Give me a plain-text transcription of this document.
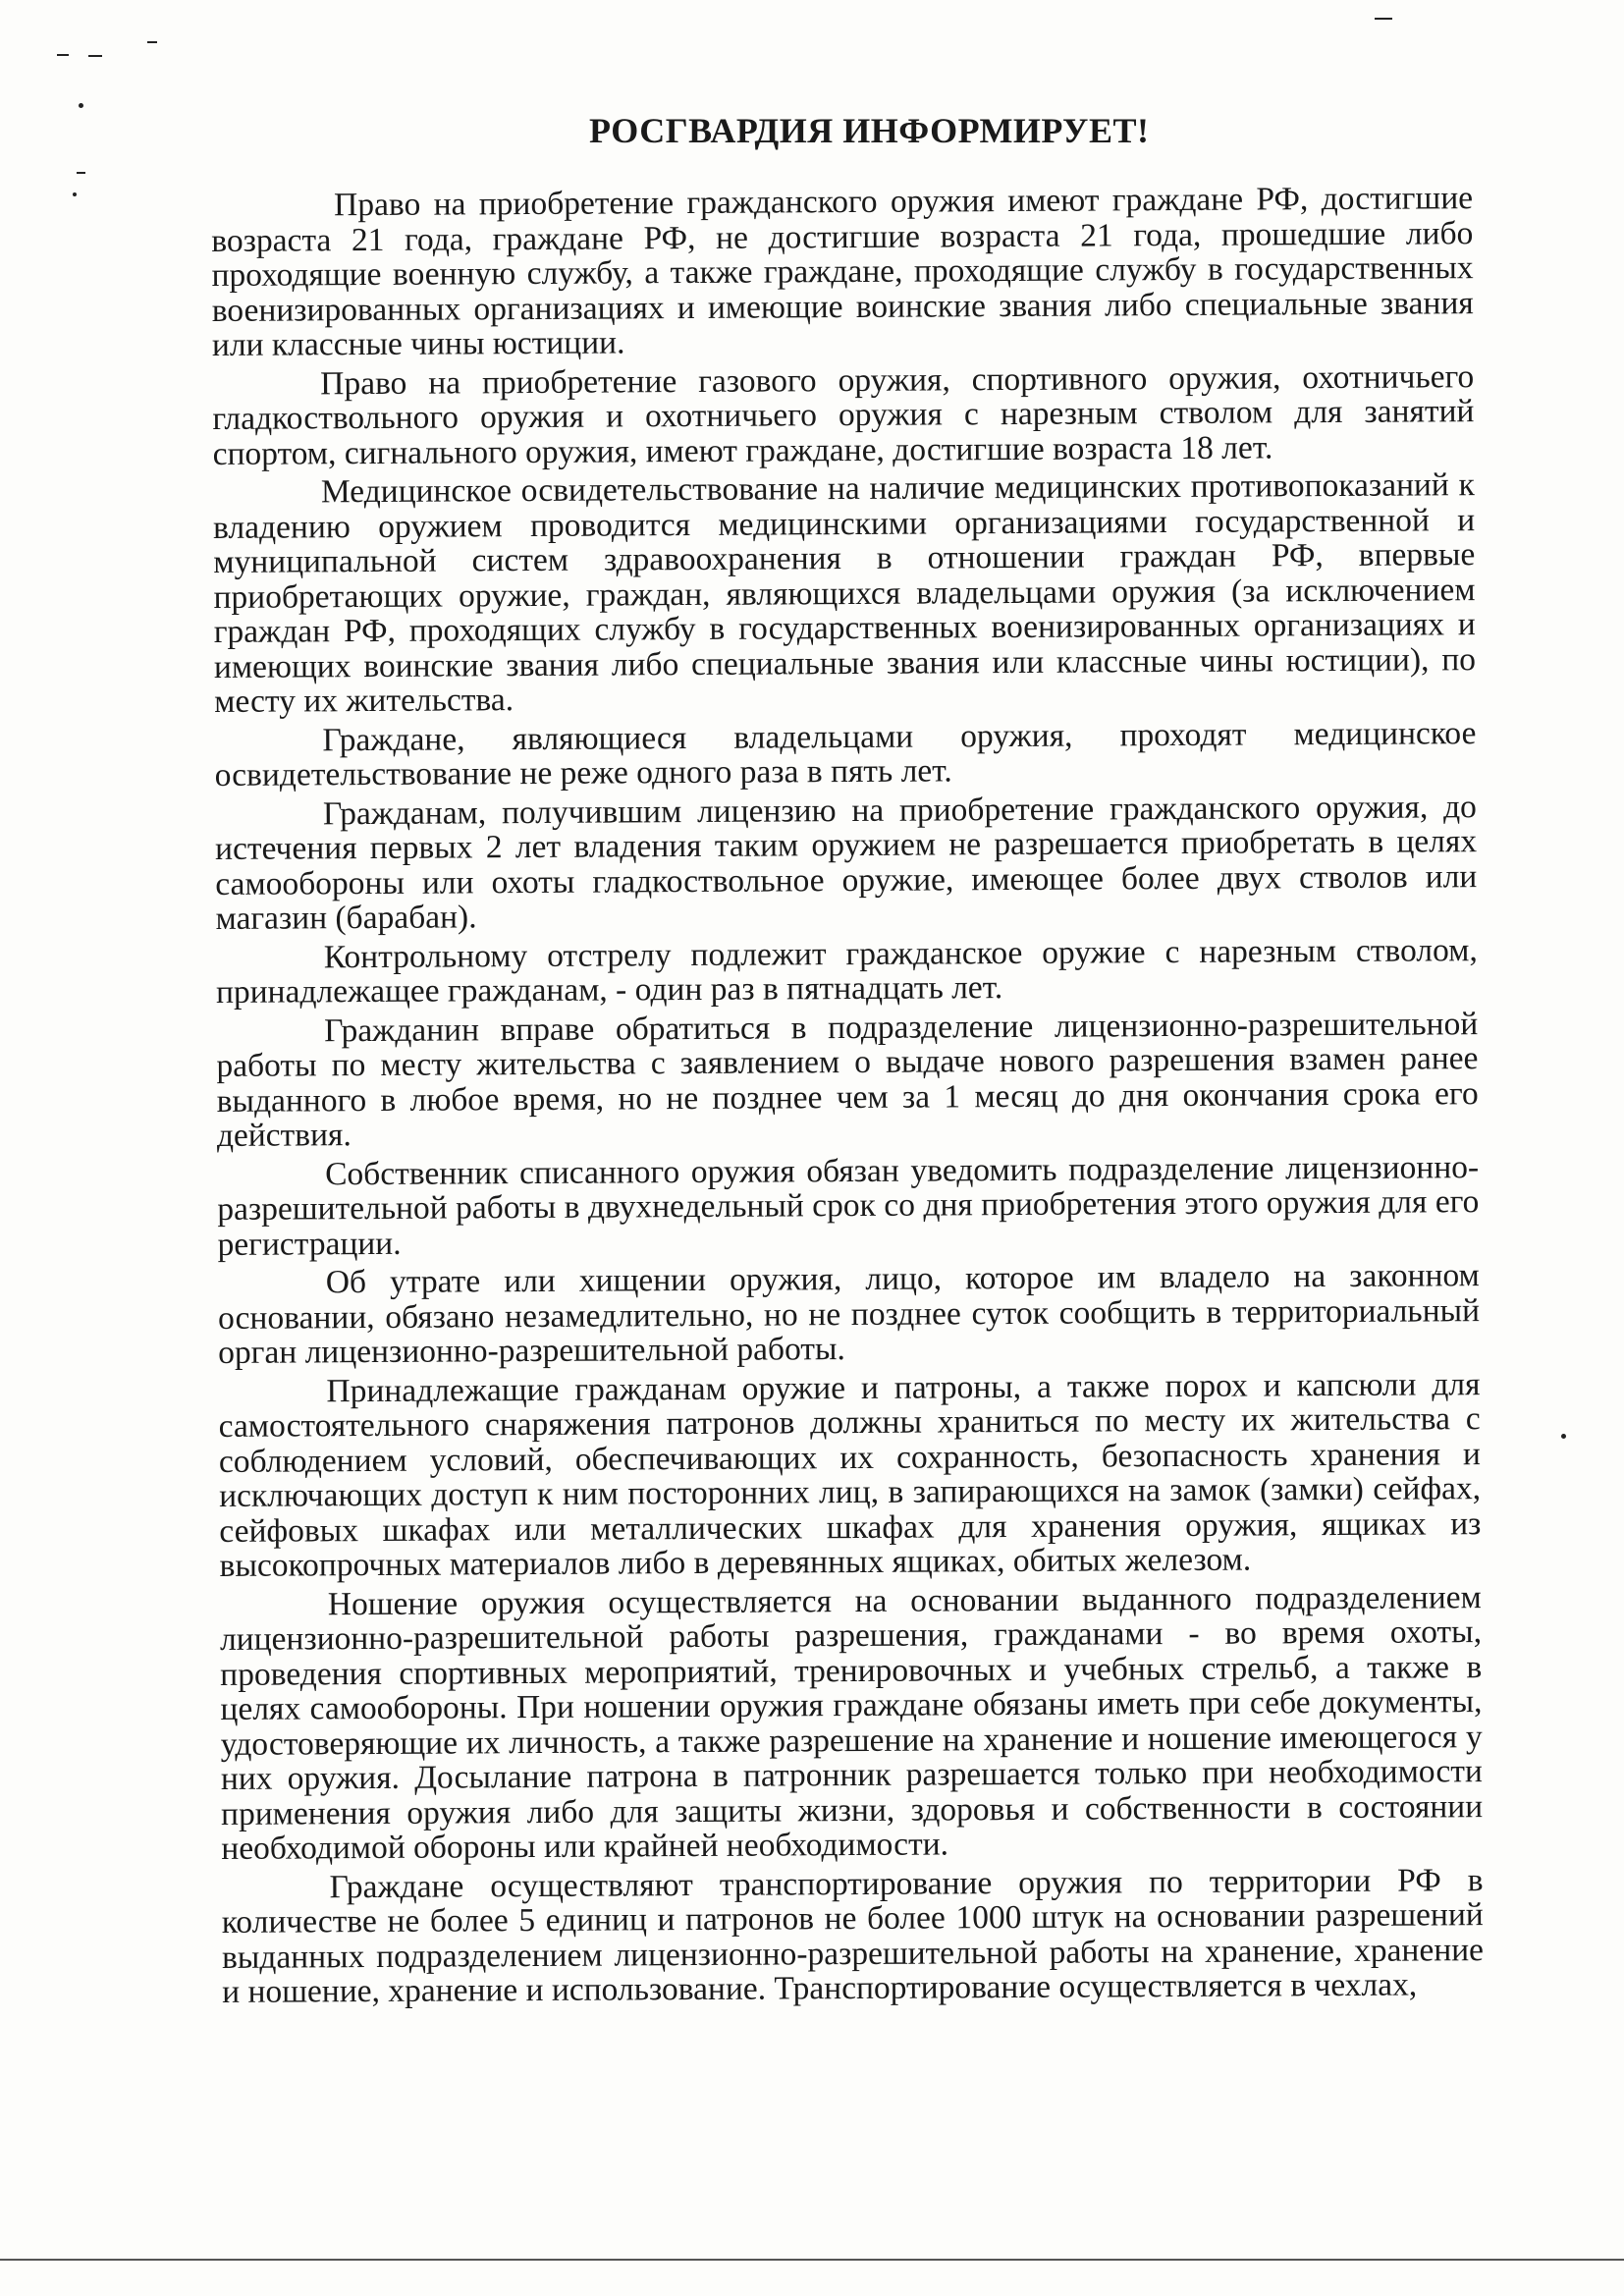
РОСГВАРДИЯ ИНФОРМИРУЕТ!

Право на приобретение гражданского оружия имеют граждане РФ, достигшие возраста 21 года, граждане РФ, не достигшие возраста 21 года, прошедшие либо проходящие военную службу, а также граждане, проходящие службу в государственных военизированных организациях и имеющие воинские звания либо специальные звания или классные чины юстиции.

Право на приобретение газового оружия, спортивного оружия, охотничьего гладкоствольного оружия и охотничьего оружия с нарезным стволом для занятий спортом, сигнального оружия, имеют граждане, достигшие возраста 18 лет.

Медицинское освидетельствование на наличие медицинских противопоказаний к владению оружием проводится медицинскими организациями государственной и муниципальной систем здравоохранения в отношении граждан РФ, впервые приобретающих оружие, граждан, являющихся владельцами оружия (за исключением граждан РФ, проходящих службу в государственных военизированных организациях и имеющих воинские звания либо специальные звания или классные чины юстиции), по месту их жительства.

Граждане, являющиеся владельцами оружия, проходят медицинское освидетельствование не реже одного раза в пять лет.

Гражданам, получившим лицензию на приобретение гражданского оружия, до истечения первых 2 лет владения таким оружием не разрешается приобретать в целях самообороны или охоты гладкоствольное оружие, имеющее более двух стволов или магазин (барабан).

Контрольному отстрелу подлежит гражданское оружие с нарезным стволом, принадлежащее гражданам, - один раз в пятнадцать лет.

Гражданин вправе обратиться в подразделение лицензионно-разрешительной работы по месту жительства с заявлением о выдаче нового разрешения взамен ранее выданного в любое время, но не позднее чем за 1 месяц до дня окончания срока его действия.

Собственник списанного оружия обязан уведомить подразделение лицензионно-разрешительной работы в двухнедельный срок со дня приобретения этого оружия для его регистрации.

Об утрате или хищении оружия, лицо, которое им владело на законном основании, обязано незамедлительно, но не позднее суток сообщить в территориальный орган лицензионно-разрешительной работы.

Принадлежащие гражданам оружие и патроны, а также порох и капсюли для самостоятельного снаряжения патронов должны храниться по месту их жительства с соблюдением условий, обеспечивающих их сохранность, безопасность хранения и исключающих доступ к ним посторонних лиц, в запирающихся на замок (замки) сейфах, сейфовых шкафах или металлических шкафах для хранения оружия, ящиках из высокопрочных материалов либо в деревянных ящиках, обитых железом.

Ношение оружия осуществляется на основании выданного подразделением лицензионно-разрешительной работы разрешения, гражданами - во время охоты, проведения спортивных мероприятий, тренировочных и учебных стрельб, а также в целях самообороны. При ношении оружия граждане обязаны иметь при себе документы, удостоверяющие их личность, а также разрешение на хранение и ношение имеющегося у них оружия. Досылание патрона в патронник разрешается только при необходимости применения оружия либо для защиты жизни, здоровья и собственности в состоянии необходимой обороны или крайней необходимости.

Граждане осуществляют транспортирование оружия по территории РФ в количестве не более 5 единиц и патронов не более 1000 штук на основании разрешений выданных подразделением лицензионно-разрешительной работы на хранение, хранение и ношение, хранение и использование. Транспортирование осуществляется в чехлах,
